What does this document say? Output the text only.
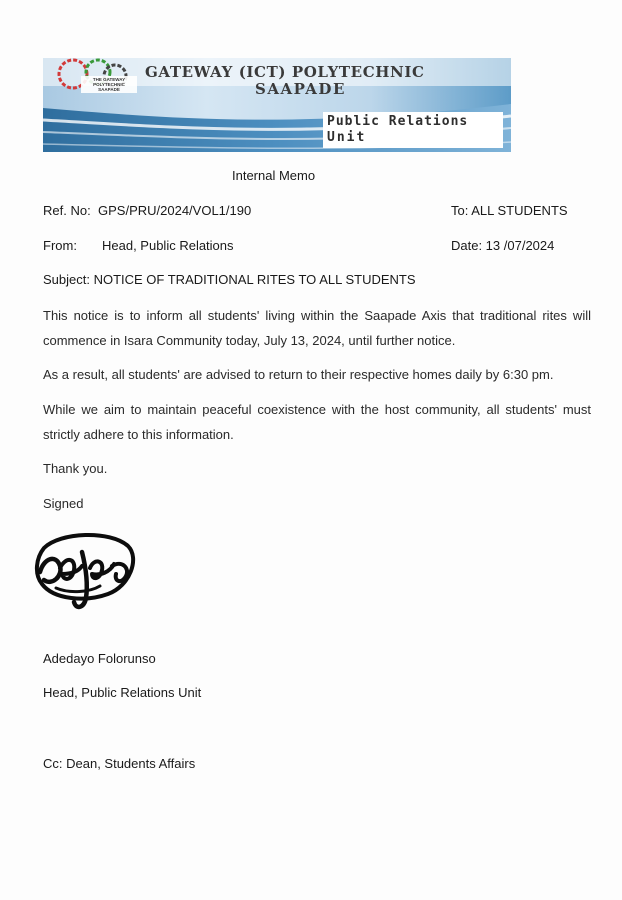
THE GATEWAY
POLYTECHNIC
SAAPADE
GATEWAY (ICT) POLYTECHNIC
SAAPADE
Public Relations
Unit
Internal Memo
Ref. No: GPS/PRU/2024/VOL1/190	To: ALL STUDENTS
From: Head, Public Relations	Date: 13 /07/2024
Subject: NOTICE OF TRADITIONAL RITES TO ALL STUDENTS
This notice is to inform all students' living within the Saapade Axis that traditional rites will commence in Isara Community today, July 13, 2024, until further notice.
As a result, all students' are advised to return to their respective homes daily by 6:30 pm.
While we aim to maintain peaceful coexistence with the host community, all students' must strictly adhere to this information.
Thank you.
Signed
Adedayo Folorunso
Head, Public Relations Unit
Cc: Dean, Students Affairs
